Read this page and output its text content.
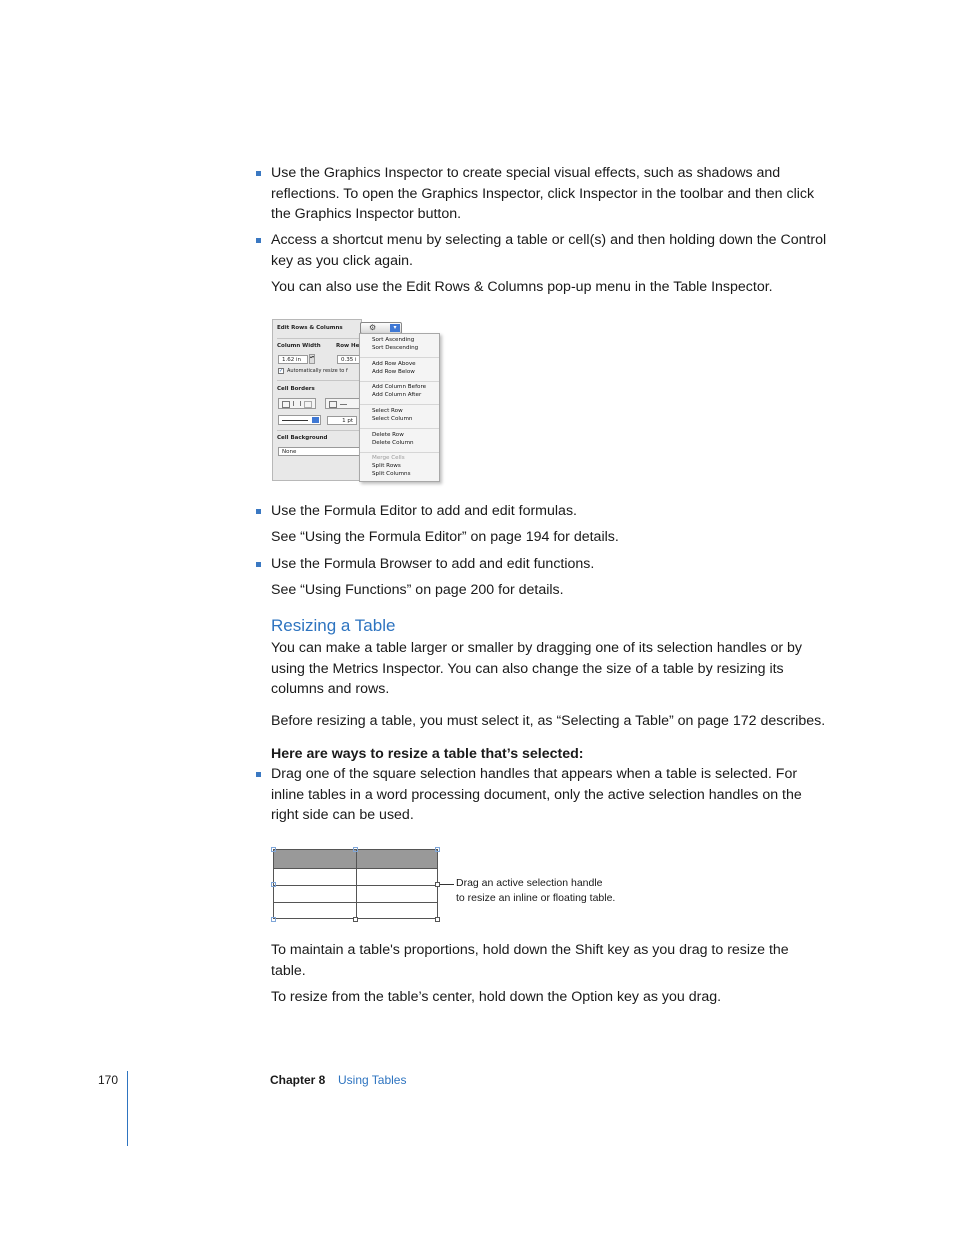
Use the Graphics Inspector to create special visual effects, such as shadows and reflections. To open the Graphics Inspector, click Inspector in the toolbar and then click the Graphics Inspector button.
Access a shortcut menu by selecting a table or cell(s) and then holding down the Control key as you click again.
You can also use the Edit Rows & Columns pop-up menu in the Table Inspector.
Edit Rows & Columns
Column Width	Row He
1.62 in
▴▾
0.35 i
✓ Automatically resize to f
Cell Borders
1 pt
Cell Background
None
⚙	▾
Sort Ascending
Sort Descending
Add Row Above
Add Row Below
Add Column Before
Add Column After
Select Row
Select Column
Delete Row
Delete Column
Merge Cells
Split Rows
Split Columns
Use the Formula Editor to add and edit formulas.
See “Using the Formula Editor” on page 194 for details.
Use the Formula Browser to add and edit functions.
See “Using Functions” on page 200 for details.
Resizing a Table
You can make a table larger or smaller by dragging one of its selection handles or by using the Metrics Inspector. You can also change the size of a table by resizing its columns and rows.
Before resizing a table, you must select it, as “Selecting a Table” on page 172 describes.
Here are ways to resize a table that’s selected:
Drag one of the square selection handles that appears when a table is selected. For inline tables in a word processing document, only the active selection handles on the right side can be used.
Drag an active selection handle
to resize an inline or floating table.
To maintain a table's proportions, hold down the Shift key as you drag to resize the table.
To resize from the table’s center, hold down the Option key as you drag.
170	Chapter 8 Using Tables
